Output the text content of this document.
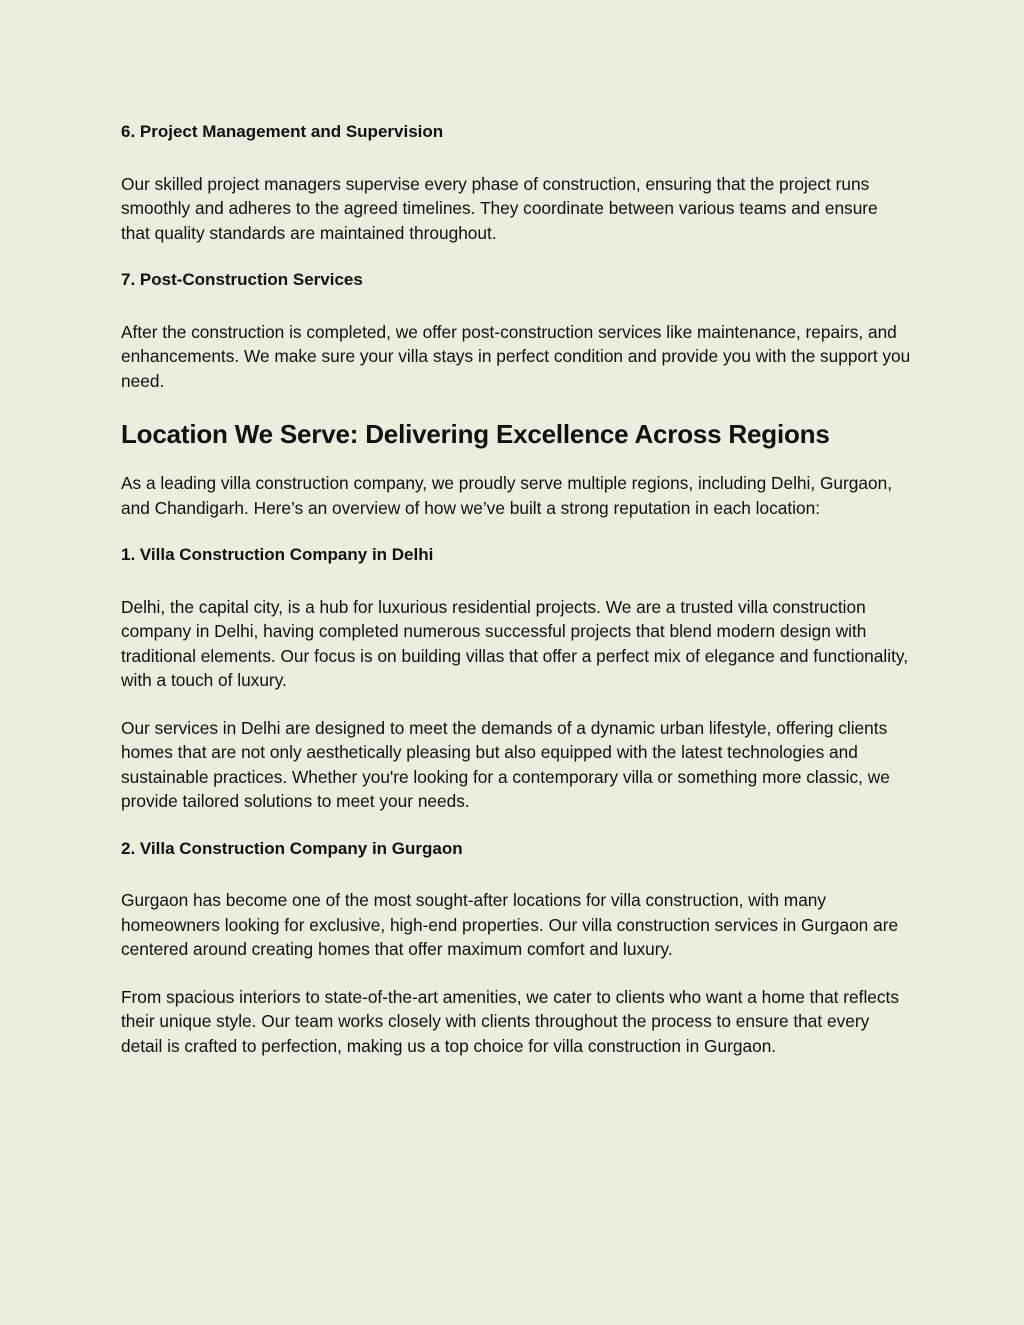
6. Project Management and Supervision

Our skilled project managers supervise every phase of construction, ensuring that the project runs smoothly and adheres to the agreed timelines. They coordinate between various teams and ensure that quality standards are maintained throughout.

7. Post-Construction Services

After the construction is completed, we offer post-construction services like maintenance, repairs, and enhancements. We make sure your villa stays in perfect condition and provide you with the support you need.

Location We Serve: Delivering Excellence Across Regions

As a leading villa construction company, we proudly serve multiple regions, including Delhi, Gurgaon, and Chandigarh. Here’s an overview of how we’ve built a strong reputation in each location:

1. Villa Construction Company in Delhi

Delhi, the capital city, is a hub for luxurious residential projects. We are a trusted villa construction company in Delhi, having completed numerous successful projects that blend modern design with traditional elements. Our focus is on building villas that offer a perfect mix of elegance and functionality, with a touch of luxury.

Our services in Delhi are designed to meet the demands of a dynamic urban lifestyle, offering clients homes that are not only aesthetically pleasing but also equipped with the latest technologies and sustainable practices. Whether you're looking for a contemporary villa or something more classic, we provide tailored solutions to meet your needs.

2. Villa Construction Company in Gurgaon

Gurgaon has become one of the most sought-after locations for villa construction, with many homeowners looking for exclusive, high-end properties. Our villa construction services in Gurgaon are centered around creating homes that offer maximum comfort and luxury.

From spacious interiors to state-of-the-art amenities, we cater to clients who want a home that reflects their unique style. Our team works closely with clients throughout the process to ensure that every detail is crafted to perfection, making us a top choice for villa construction in Gurgaon.
